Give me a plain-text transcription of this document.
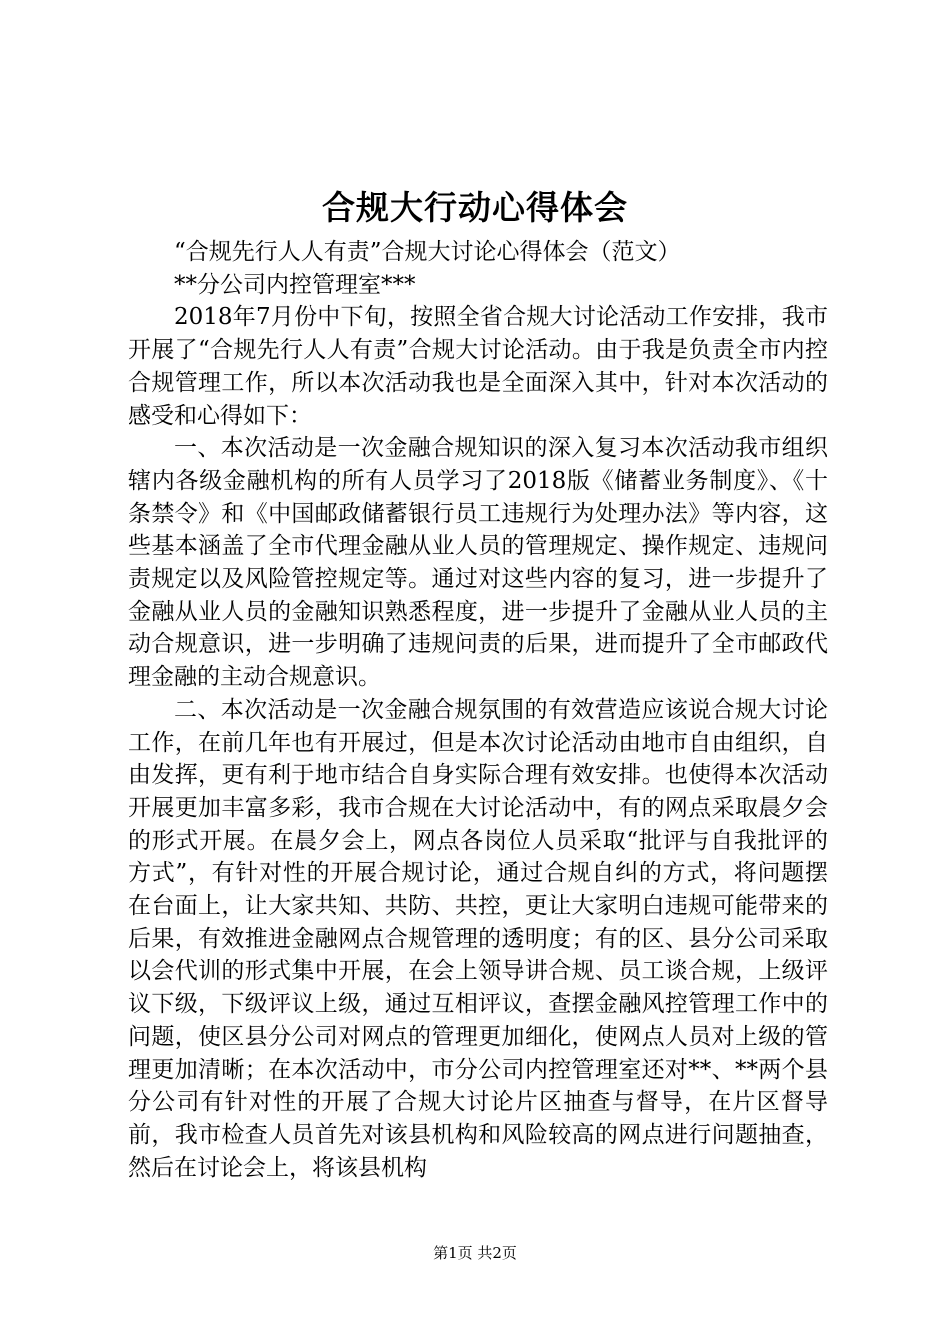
合规大行动心得体会

“合规先行人人有责”合规大讨论心得体会（范文）

**分公司内控管理室***

2018年7月份中下旬，按照全省合规大讨论活动工作安排，我市开展了“合规先行人人有责”合规大讨论活动。由于我是负责全市内控合规管理工作，所以本次活动我也是全面深入其中，针对本次活动的感受和心得如下：

一、本次活动是一次金融合规知识的深入复习本次活动我市组织辖内各级金融机构的所有人员学习了2018版《储蓄业务制度》、《十条禁令》和《中国邮政储蓄银行员工违规行为处理办法》等内容，这些基本涵盖了全市代理金融从业人员的管理规定、操作规定、违规问责规定以及风险管控规定等。通过对这些内容的复习，进一步提升了金融从业人员的金融知识熟悉程度，进一步提升了金融从业人员的主动合规意识，进一步明确了违规问责的后果，进而提升了全市邮政代理金融的主动合规意识。

二、本次活动是一次金融合规氛围的有效营造应该说合规大讨论工作，在前几年也有开展过，但是本次讨论活动由地市自由组织，自由发挥，更有利于地市结合自身实际合理有效安排。也使得本次活动开展更加丰富多彩，我市合规在大讨论活动中，有的网点采取晨夕会的形式开展。在晨夕会上，网点各岗位人员采取“批评与自我批评的方式”，有针对性的开展合规讨论，通过合规自纠的方式，将问题摆在台面上，让大家共知、共防、共控，更让大家明白违规可能带来的后果，有效推进金融网点合规管理的透明度；有的区、县分公司采取以会代训的形式集中开展，在会上领导讲合规、员工谈合规，上级评议下级，下级评议上级，通过互相评议，查摆金融风控管理工作中的问题，使区县分公司对网点的管理更加细化，使网点人员对上级的管理更加清晰；在本次活动中，市分公司内控管理室还对**、**两个县分公司有针对性的开展了合规大讨论片区抽查与督导，在片区督导前，我市检查人员首先对该县机构和风险较高的网点进行问题抽查，然后在讨论会上，将该县机构

第1页 共2页
